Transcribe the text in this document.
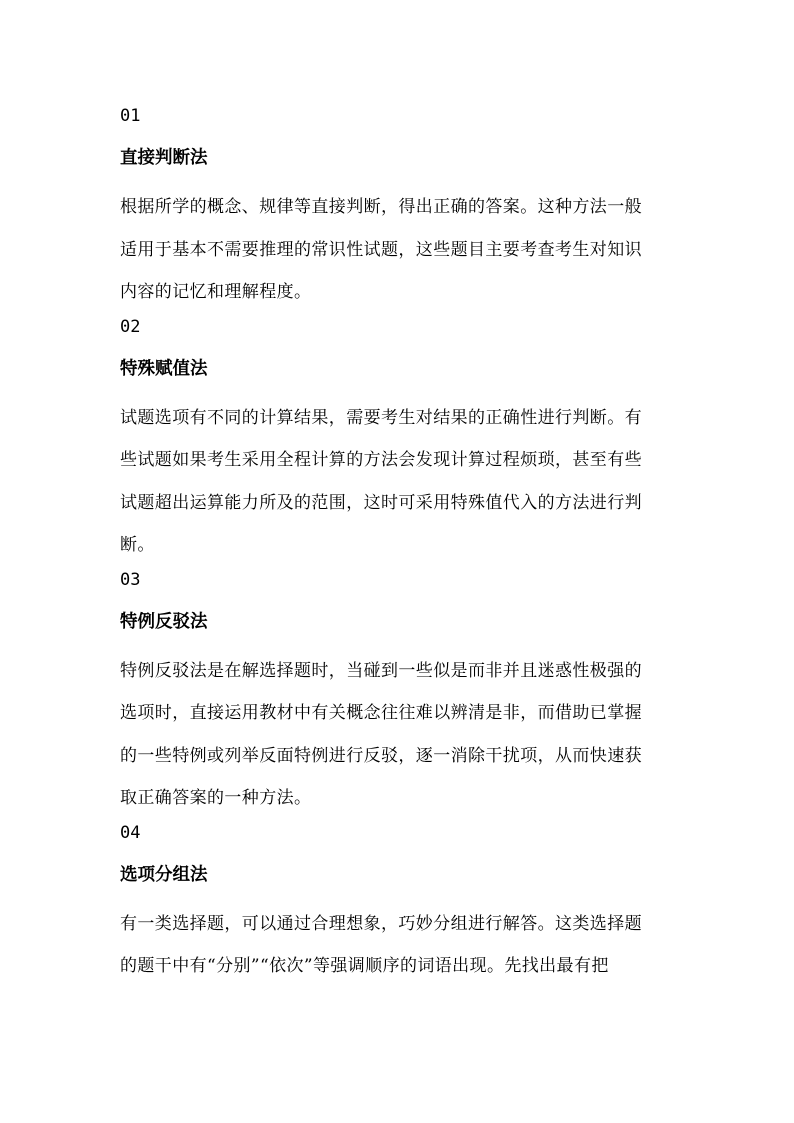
01
直接判断法
根据所学的概念、规律等直接判断，得出正确的答案。这种方法一般
适用于基本不需要推理的常识性试题，这些题目主要考查考生对知识
内容的记忆和理解程度。
02
特殊赋值法
试题选项有不同的计算结果，需要考生对结果的正确性进行判断。有
些试题如果考生采用全程计算的方法会发现计算过程烦琐，甚至有些
试题超出运算能力所及的范围，这时可采用特殊值代入的方法进行判
断。
03
特例反驳法
特例反驳法是在解选择题时，当碰到一些似是而非并且迷惑性极强的
选项时，直接运用教材中有关概念往往难以辨清是非，而借助已掌握
的一些特例或列举反面特例进行反驳，逐一消除干扰项，从而快速获
取正确答案的一种方法。
04
选项分组法
有一类选择题，可以通过合理想象，巧妙分组进行解答。这类选择题
的题干中有“分别”“依次”等强调顺序的词语出现。先找出最有把
